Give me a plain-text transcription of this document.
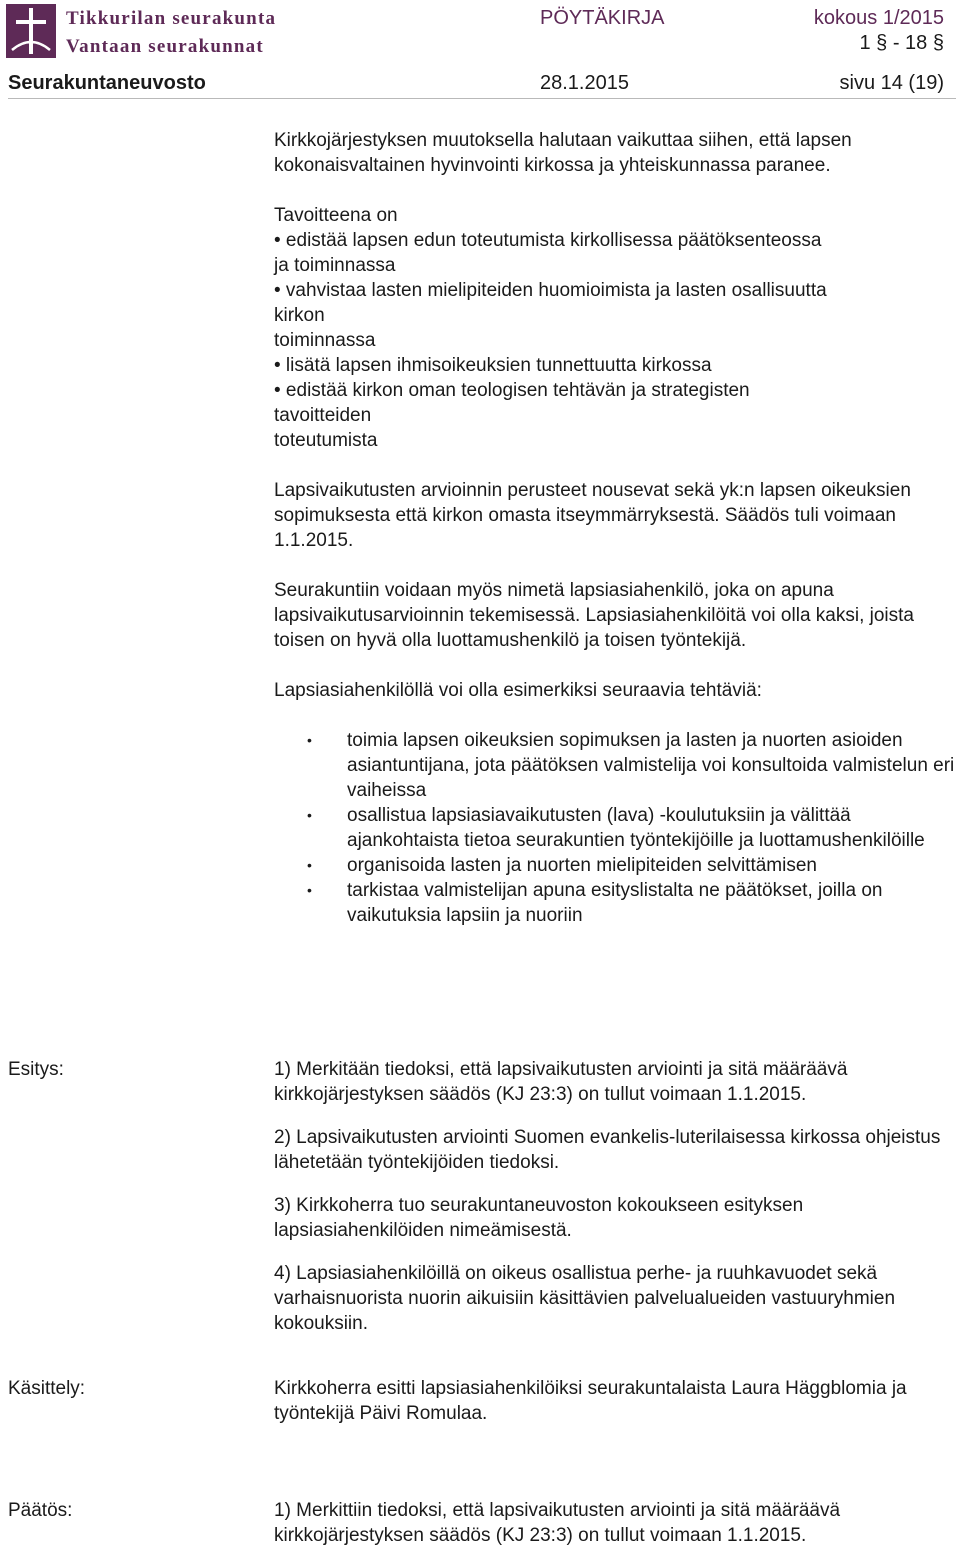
Tikkurilan seurakunta
Vantaan seurakunnat
PÖYTÄKIRJA	kokous 1/2015
1 § - 18 §
Seurakuntaneuvosto	28.1.2015	sivu 14 (19)

Kirkkojärjestyksen muutoksella halutaan vaikuttaa siihen, että lapsen kokonaisvaltainen hyvinvointi kirkossa ja yhteiskunnassa paranee.

Tavoitteena on

• edistää lapsen edun toteutumista kirkollisessa päätöksenteossa

ja toiminnassa

• vahvistaa lasten mielipiteiden huomioimista ja lasten osallisuutta

kirkon

toiminnassa

• lisätä lapsen ihmisoikeuksien tunnettuutta kirkossa

• edistää kirkon oman teologisen tehtävän ja strategisten

tavoitteiden

toteutumista

Lapsivaikutusten arvioinnin perusteet nousevat sekä yk:n lapsen oikeuksien sopimuksesta että kirkon omasta itseymmärryksestä. Säädös tuli voimaan 1.1.2015.

Seurakuntiin voidaan myös nimetä lapsiasiahenkilö, joka on apuna lapsivaikutusarvioinnin tekemisessä. Lapsiasiahenkilöitä voi olla kaksi, joista toisen on hyvä olla luottamushenkilö ja toisen työntekijä.

Lapsiasiahenkilöllä voi olla esimerkiksi seuraavia tehtäviä:

• toimia lapsen oikeuksien sopimuksen ja lasten ja nuorten asioiden asiantuntijana, jota päätöksen valmistelija voi konsultoida valmistelun eri vaiheissa
• osallistua lapsiasiavaikutusten (lava) -koulutuksiin ja välittää ajankohtaista tietoa seurakuntien työntekijöille ja luottamushenkilöille
• organisoida lasten ja nuorten mielipiteiden selvittämisen
• tarkistaa valmistelijan apuna esityslistalta ne päätökset, joilla on vaikutuksia lapsiin ja nuoriin
Esitys:	1) Merkitään tiedoksi, että lapsivaikutusten arviointi ja sitä määräävä kirkkojärjestyksen säädös (KJ 23:3) on tullut voimaan 1.1.2015.

2) Lapsivaikutusten arviointi Suomen evankelis-luterilaisessa kirkossa ohjeistus lähetetään työntekijöiden tiedoksi.

3) Kirkkoherra tuo seurakuntaneuvoston kokoukseen esityksen lapsiasiahenkilöiden nimeämisestä.

4) Lapsiasiahenkilöillä on oikeus osallistua perhe- ja ruuhkavuodet sekä varhaisnuorista nuorin aikuisiin käsittävien palvelualueiden vastuuryhmien kokouksiin.

Käsittely:	Kirkkoherra esitti lapsiasiahenkilöiksi seurakuntalaista Laura Häggblomia ja työntekijä Päivi Romulaa.
Päätös:	1) Merkittiin tiedoksi, että lapsivaikutusten arviointi ja sitä määräävä kirkkojärjestyksen säädös (KJ 23:3) on tullut voimaan 1.1.2015.
